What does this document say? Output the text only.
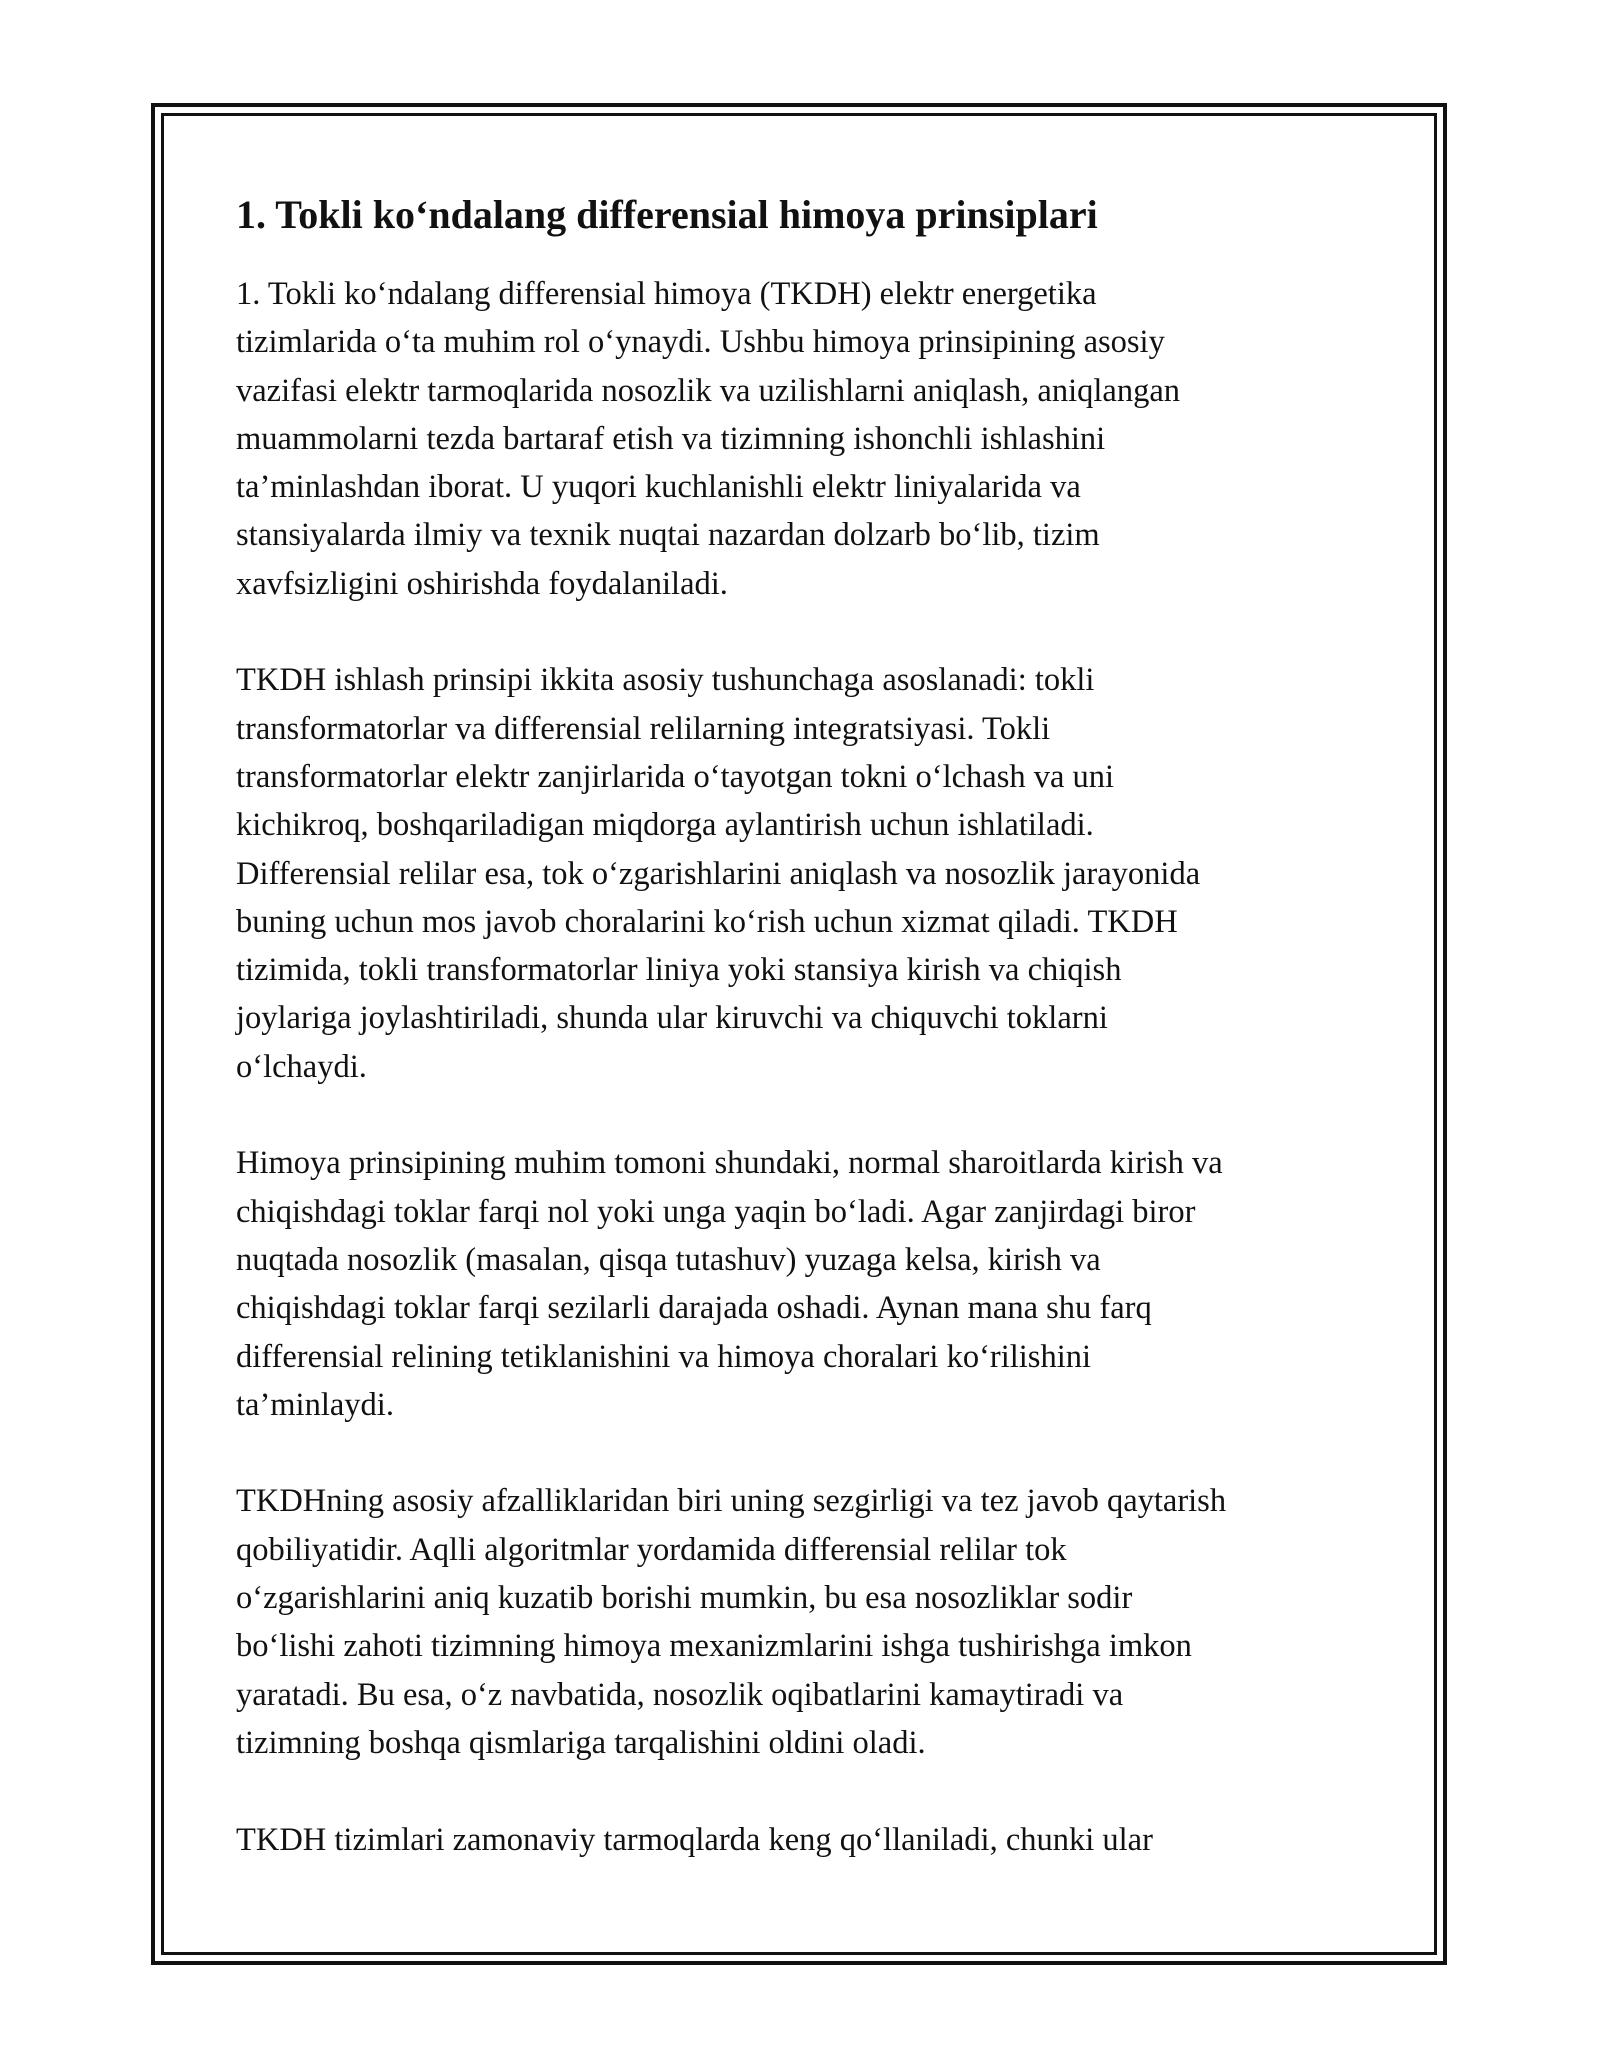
1. Tokli ko‘ndalang differensial himoya prinsiplari
1. Tokli ko‘ndalang differensial himoya (TKDH) elektr energetika
tizimlarida o‘ta muhim rol o‘ynaydi. Ushbu himoya prinsipining asosiy
vazifasi elektr tarmoqlarida nosozlik va uzilishlarni aniqlash, aniqlangan
muammolarni tezda bartaraf etish va tizimning ishonchli ishlashini
ta’minlashdan iborat. U yuqori kuchlanishli elektr liniyalarida va
stansiyalarda ilmiy va texnik nuqtai nazardan dolzarb bo‘lib, tizim
xavfsizligini oshirishda foydalaniladi.
TKDH ishlash prinsipi ikkita asosiy tushunchaga asoslanadi: tokli
transformatorlar va differensial relilarning integratsiyasi. Tokli
transformatorlar elektr zanjirlarida o‘tayotgan tokni o‘lchash va uni
kichikroq, boshqariladigan miqdorga aylantirish uchun ishlatiladi.
Differensial relilar esa, tok o‘zgarishlarini aniqlash va nosozlik jarayonida
buning uchun mos javob choralarini ko‘rish uchun xizmat qiladi. TKDH
tizimida, tokli transformatorlar liniya yoki stansiya kirish va chiqish
joylariga joylashtiriladi, shunda ular kiruvchi va chiquvchi toklarni
o‘lchaydi.
Himoya prinsipining muhim tomoni shundaki, normal sharoitlarda kirish va
chiqishdagi toklar farqi nol yoki unga yaqin bo‘ladi. Agar zanjirdagi biror
nuqtada nosozlik (masalan, qisqa tutashuv) yuzaga kelsa, kirish va
chiqishdagi toklar farqi sezilarli darajada oshadi. Aynan mana shu farq
differensial relining tetiklanishini va himoya choralari ko‘rilishini
ta’minlaydi.
TKDHning asosiy afzalliklaridan biri uning sezgirligi va tez javob qaytarish
qobiliyatidir. Aqlli algoritmlar yordamida differensial relilar tok
o‘zgarishlarini aniq kuzatib borishi mumkin, bu esa nosozliklar sodir
bo‘lishi zahoti tizimning himoya mexanizmlarini ishga tushirishga imkon
yaratadi. Bu esa, o‘z navbatida, nosozlik oqibatlarini kamaytiradi va
tizimning boshqa qismlariga tarqalishini oldini oladi.
TKDH tizimlari zamonaviy tarmoqlarda keng qo‘llaniladi, chunki ular
